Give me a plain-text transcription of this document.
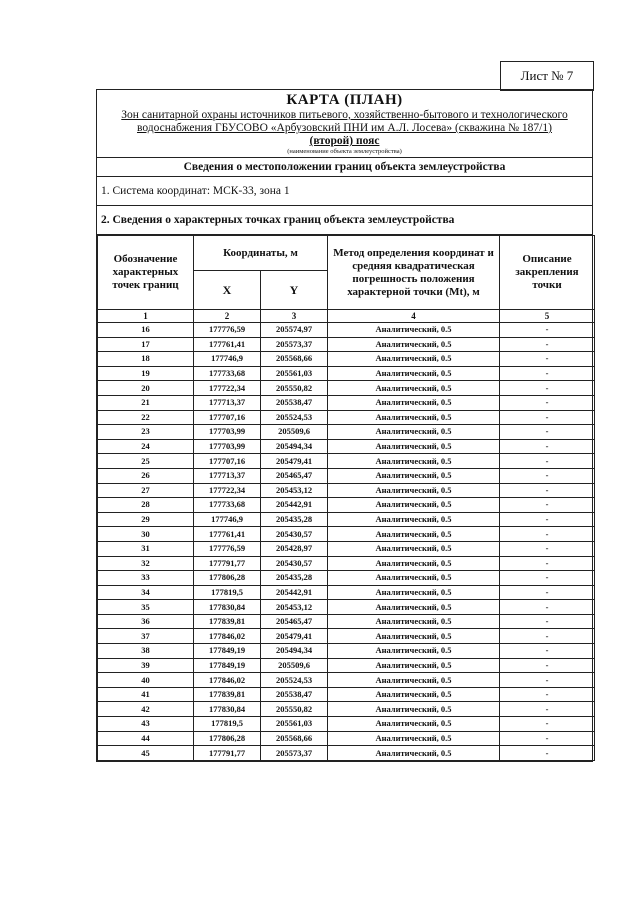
Лист № 7
КАРТА (ПЛАН)
Зон санитарной охраны источников питьевого, хозяйственно-бытового и технологического
водоснабжения ГБУСОВО «Арбузовский ПНИ им А.Л. Лосева» (скважина № 187/1)
(второй) пояс
(наименование объекта землеустройства)
Сведения о местоположении границ объекта землеустройства
1. Система координат: МСК-33, зона 1
2. Сведения о характерных точках границ объекта землеустройства
Обозначение характерных точек границ	Координаты, м		Метод определения координат и средняя квадратическая погрешность положения характерной точки (Mt), м	Описание закрепления точки
	X	Y		
1	2	3	4	5
16	177776,59	205574,97	Аналитический, 0.5	-
17	177761,41	205573,37	Аналитический, 0.5	-
18	177746,9	205568,66	Аналитический, 0.5	-
19	177733,68	205561,03	Аналитический, 0.5	-
20	177722,34	205550,82	Аналитический, 0.5	-
21	177713,37	205538,47	Аналитический, 0.5	-
22	177707,16	205524,53	Аналитический, 0.5	-
23	177703,99	205509,6	Аналитический, 0.5	-
24	177703,99	205494,34	Аналитический, 0.5	-
25	177707,16	205479,41	Аналитический, 0.5	-
26	177713,37	205465,47	Аналитический, 0.5	-
27	177722,34	205453,12	Аналитический, 0.5	-
28	177733,68	205442,91	Аналитический, 0.5	-
29	177746,9	205435,28	Аналитический, 0.5	-
30	177761,41	205430,57	Аналитический, 0.5	-
31	177776,59	205428,97	Аналитический, 0.5	-
32	177791,77	205430,57	Аналитический, 0.5	-
33	177806,28	205435,28	Аналитический, 0.5	-
34	177819,5	205442,91	Аналитический, 0.5	-
35	177830,84	205453,12	Аналитический, 0.5	-
36	177839,81	205465,47	Аналитический, 0.5	-
37	177846,02	205479,41	Аналитический, 0.5	-
38	177849,19	205494,34	Аналитический, 0.5	-
39	177849,19	205509,6	Аналитический, 0.5	-
40	177846,02	205524,53	Аналитический, 0.5	-
41	177839,81	205538,47	Аналитический, 0.5	-
42	177830,84	205550,82	Аналитический, 0.5	-
43	177819,5	205561,03	Аналитический, 0.5	-
44	177806,28	205568,66	Аналитический, 0.5	-
45	177791,77	205573,37	Аналитический, 0.5	-
